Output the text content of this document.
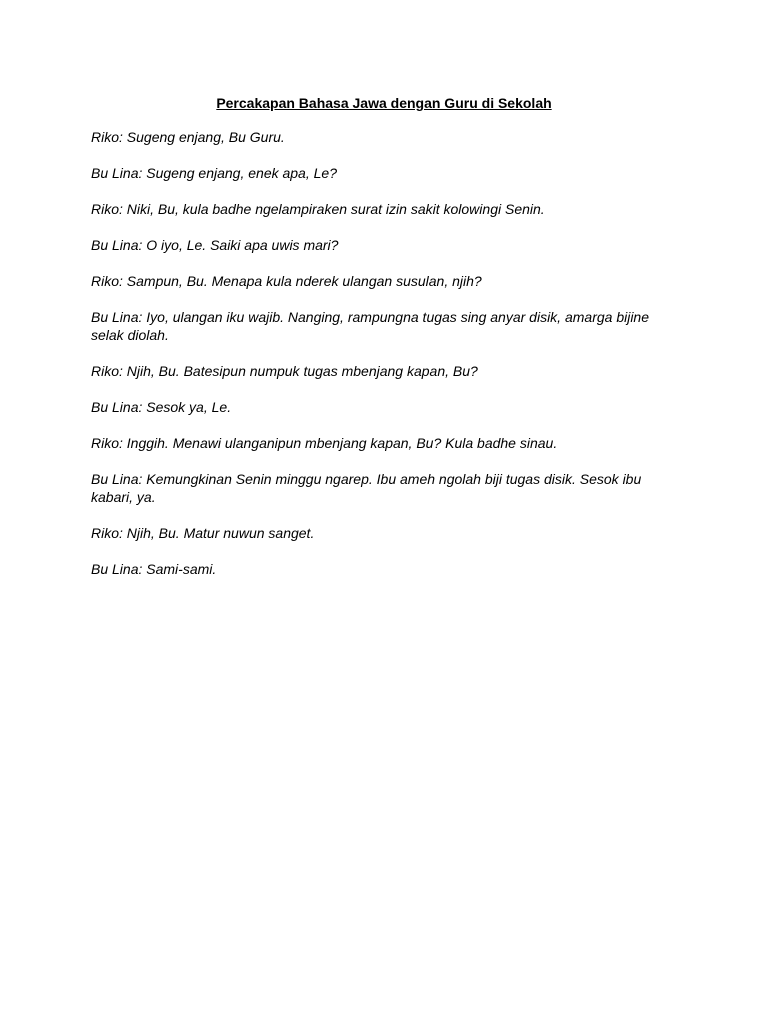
Percakapan Bahasa Jawa dengan Guru di Sekolah

Riko: Sugeng enjang, Bu Guru.

Bu Lina: Sugeng enjang, enek apa, Le?

Riko: Niki, Bu, kula badhe ngelampiraken surat izin sakit kolowingi Senin.

Bu Lina: O iyo, Le. Saiki apa uwis mari?

Riko: Sampun, Bu. Menapa kula nderek ulangan susulan, njih?

Bu Lina: Iyo, ulangan iku wajib. Nanging, rampungna tugas sing anyar disik, amarga bijine selak diolah.

Riko: Njih, Bu. Batesipun numpuk tugas mbenjang kapan, Bu?

Bu Lina: Sesok ya, Le.

Riko: Inggih. Menawi ulanganipun mbenjang kapan, Bu? Kula badhe sinau.

Bu Lina: Kemungkinan Senin minggu ngarep. Ibu ameh ngolah biji tugas disik. Sesok ibu kabari, ya.

Riko: Njih, Bu. Matur nuwun sanget.

Bu Lina: Sami-sami.
